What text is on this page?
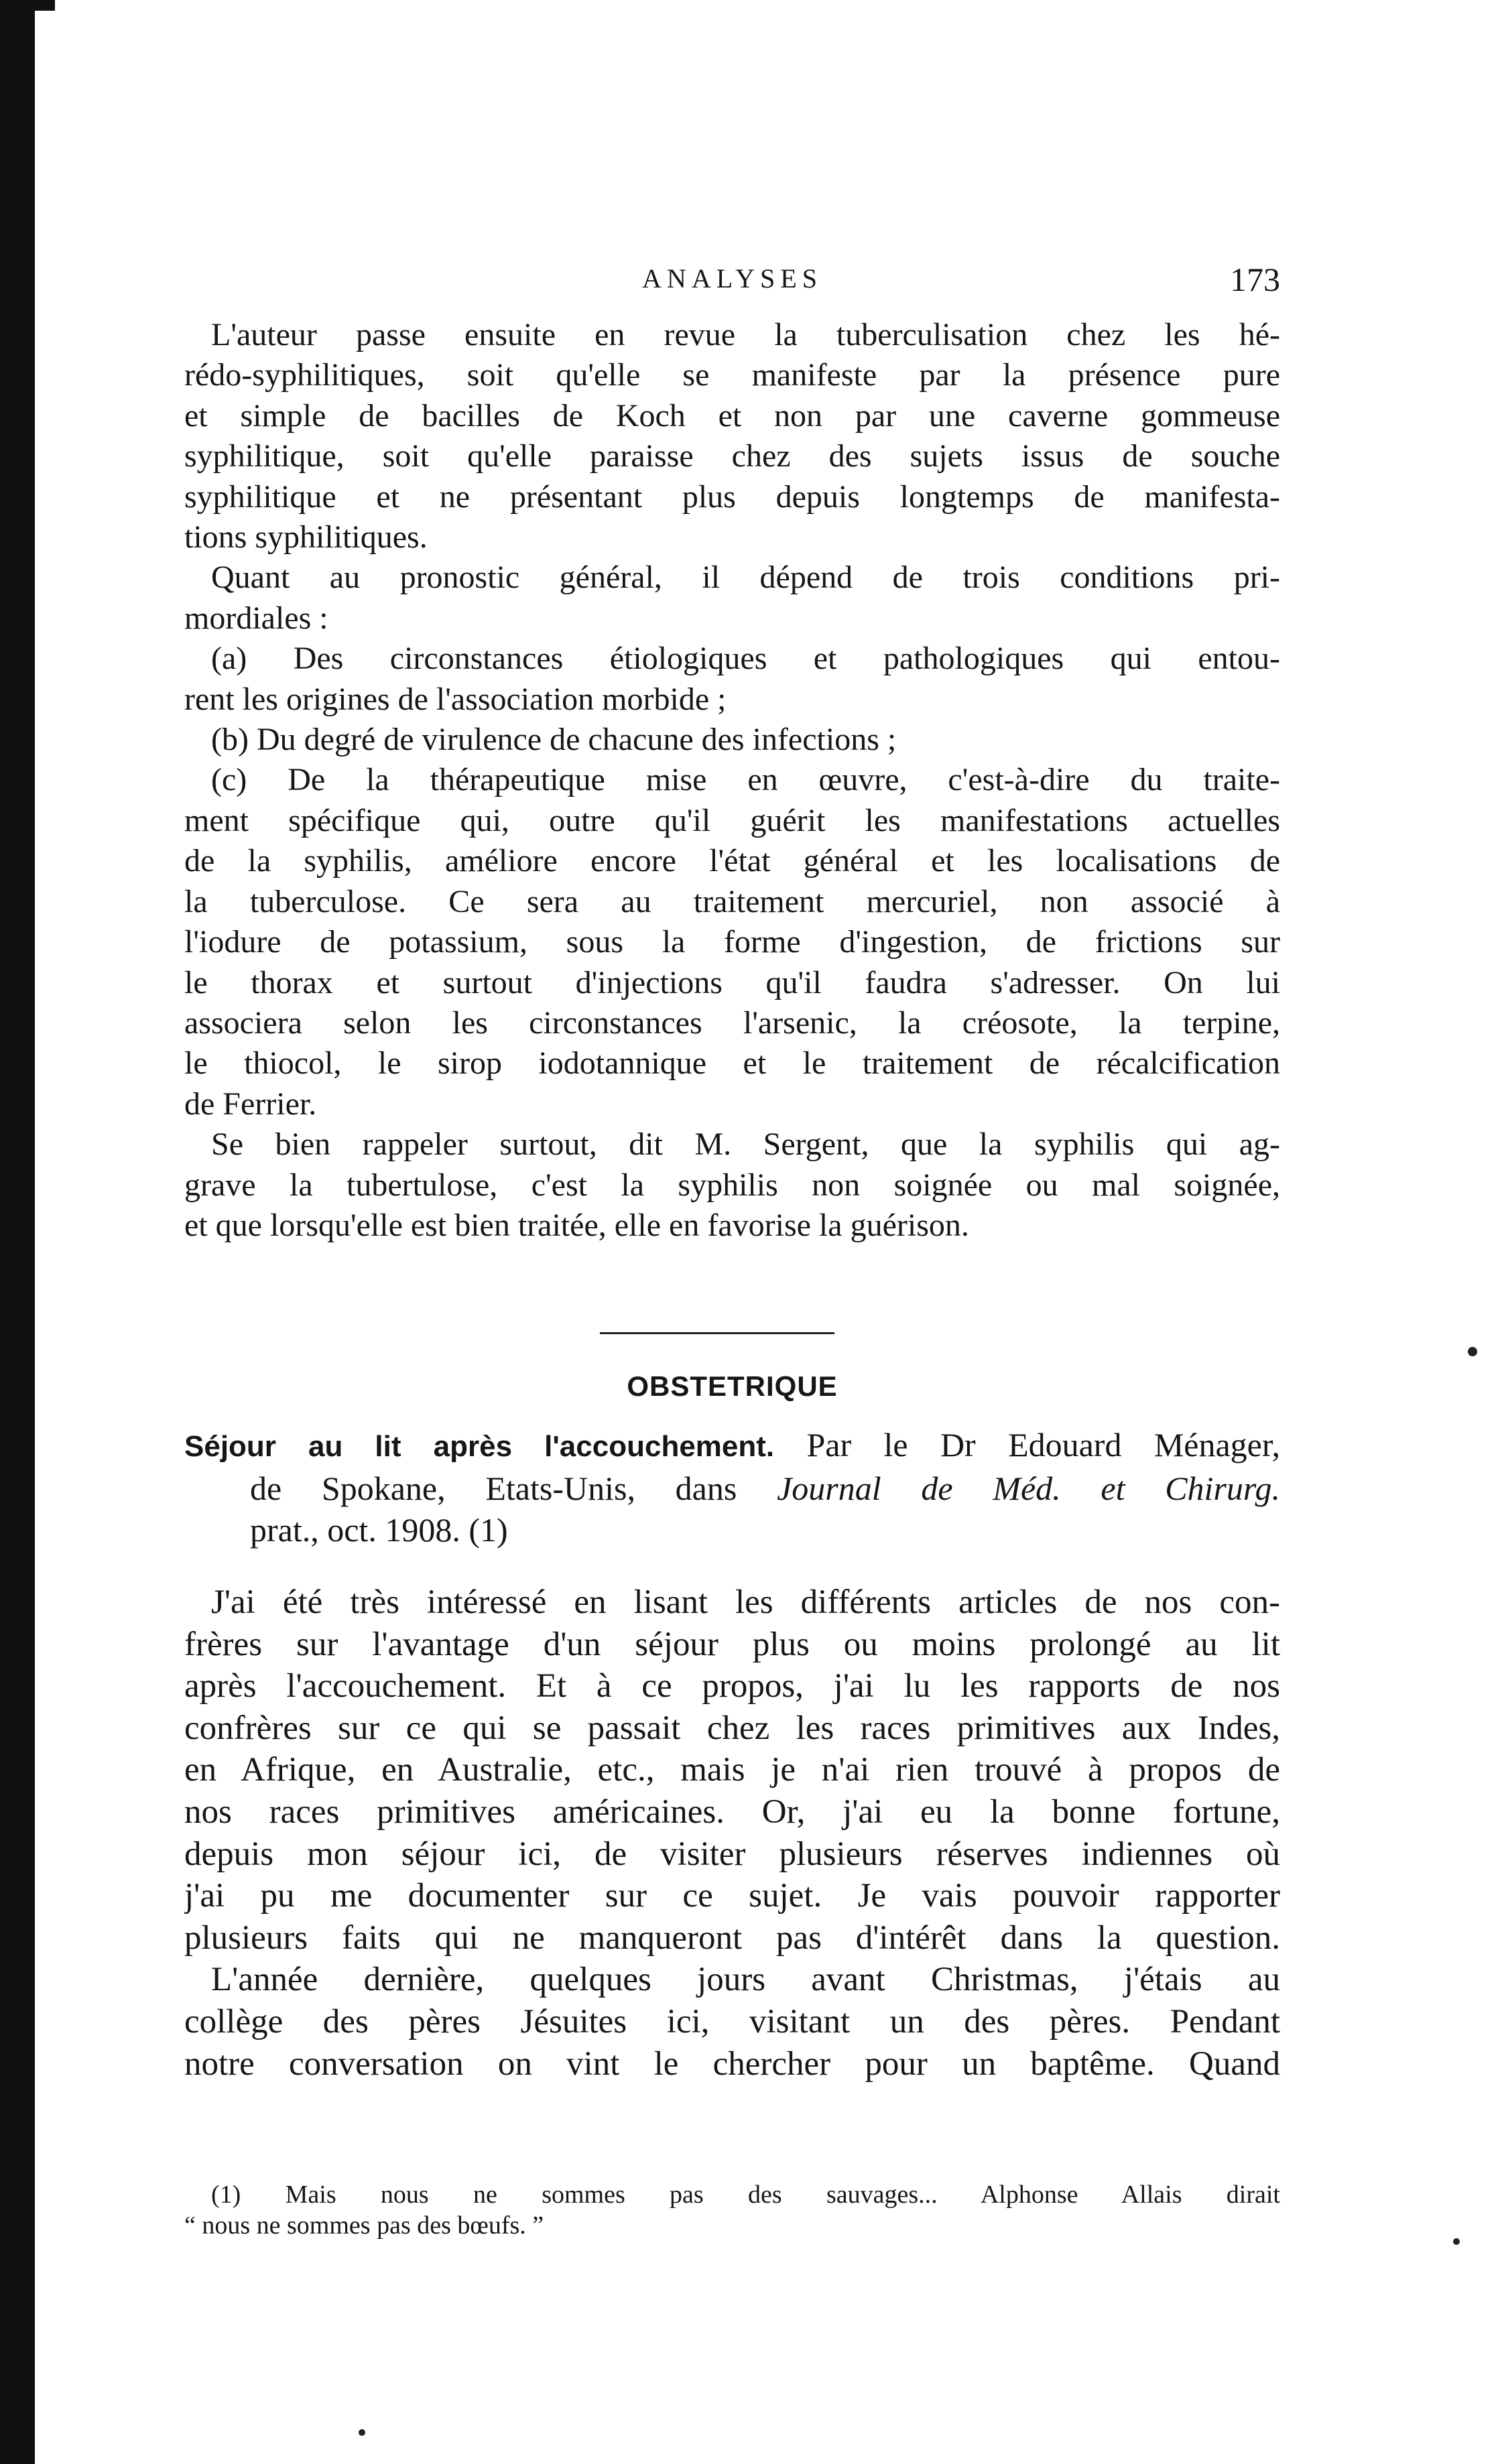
ANALYSES	173
L'auteur passe ensuite en revue la tuberculisation chez les hé-
rédo-syphilitiques, soit qu'elle se manifeste par la présence pure
et simple de bacilles de Koch et non par une caverne gommeuse
syphilitique, soit qu'elle paraisse chez des sujets issus de souche
syphilitique et ne présentant plus depuis longtemps de manifesta-
tions syphilitiques.
Quant au pronostic général, il dépend de trois conditions pri-
mordiales :
(a) Des circonstances étiologiques et pathologiques qui entou-
rent les origines de l'association morbide ;
(b) Du degré de virulence de chacune des infections ;
(c) De la thérapeutique mise en œuvre, c'est-à-dire du traite-
ment spécifique qui, outre qu'il guérit les manifestations actuelles
de la syphilis, améliore encore l'état général et les localisations de
la tuberculose. Ce sera au traitement mercuriel, non associé à
l'iodure de potassium, sous la forme d'ingestion, de frictions sur
le thorax et surtout d'injections qu'il faudra s'adresser. On lui
associera selon les circonstances l'arsenic, la créosote, la terpine,
le thiocol, le sirop iodotannique et le traitement de récalcification
de Ferrier.
Se bien rappeler surtout, dit M. Sergent, que la syphilis qui ag-
grave la tubertulose, c'est la syphilis non soignée ou mal soignée,
et que lorsqu'elle est bien traitée, elle en favorise la guérison.
OBSTETRIQUE
Séjour au lit après l'accouchement. Par le Dr Edouard Ménager,
de Spokane, Etats-Unis, dans Journal de Méd. et Chirurg.
prat., oct. 1908. (1)
J'ai été très intéressé en lisant les différents articles de nos con-
frères sur l'avantage d'un séjour plus ou moins prolongé au lit
après l'accouchement. Et à ce propos, j'ai lu les rapports de nos
confrères sur ce qui se passait chez les races primitives aux Indes,
en Afrique, en Australie, etc., mais je n'ai rien trouvé à propos de
nos races primitives américaines. Or, j'ai eu la bonne fortune,
depuis mon séjour ici, de visiter plusieurs réserves indiennes où
j'ai pu me documenter sur ce sujet. Je vais pouvoir rapporter
plusieurs faits qui ne manqueront pas d'intérêt dans la question.
L'année dernière, quelques jours avant Christmas, j'étais au
collège des pères Jésuites ici, visitant un des pères. Pendant
notre conversation on vint le chercher pour un baptême. Quand
(1) Mais nous ne sommes pas des sauvages... Alphonse Allais dirait
“ nous ne sommes pas des bœufs. ”
